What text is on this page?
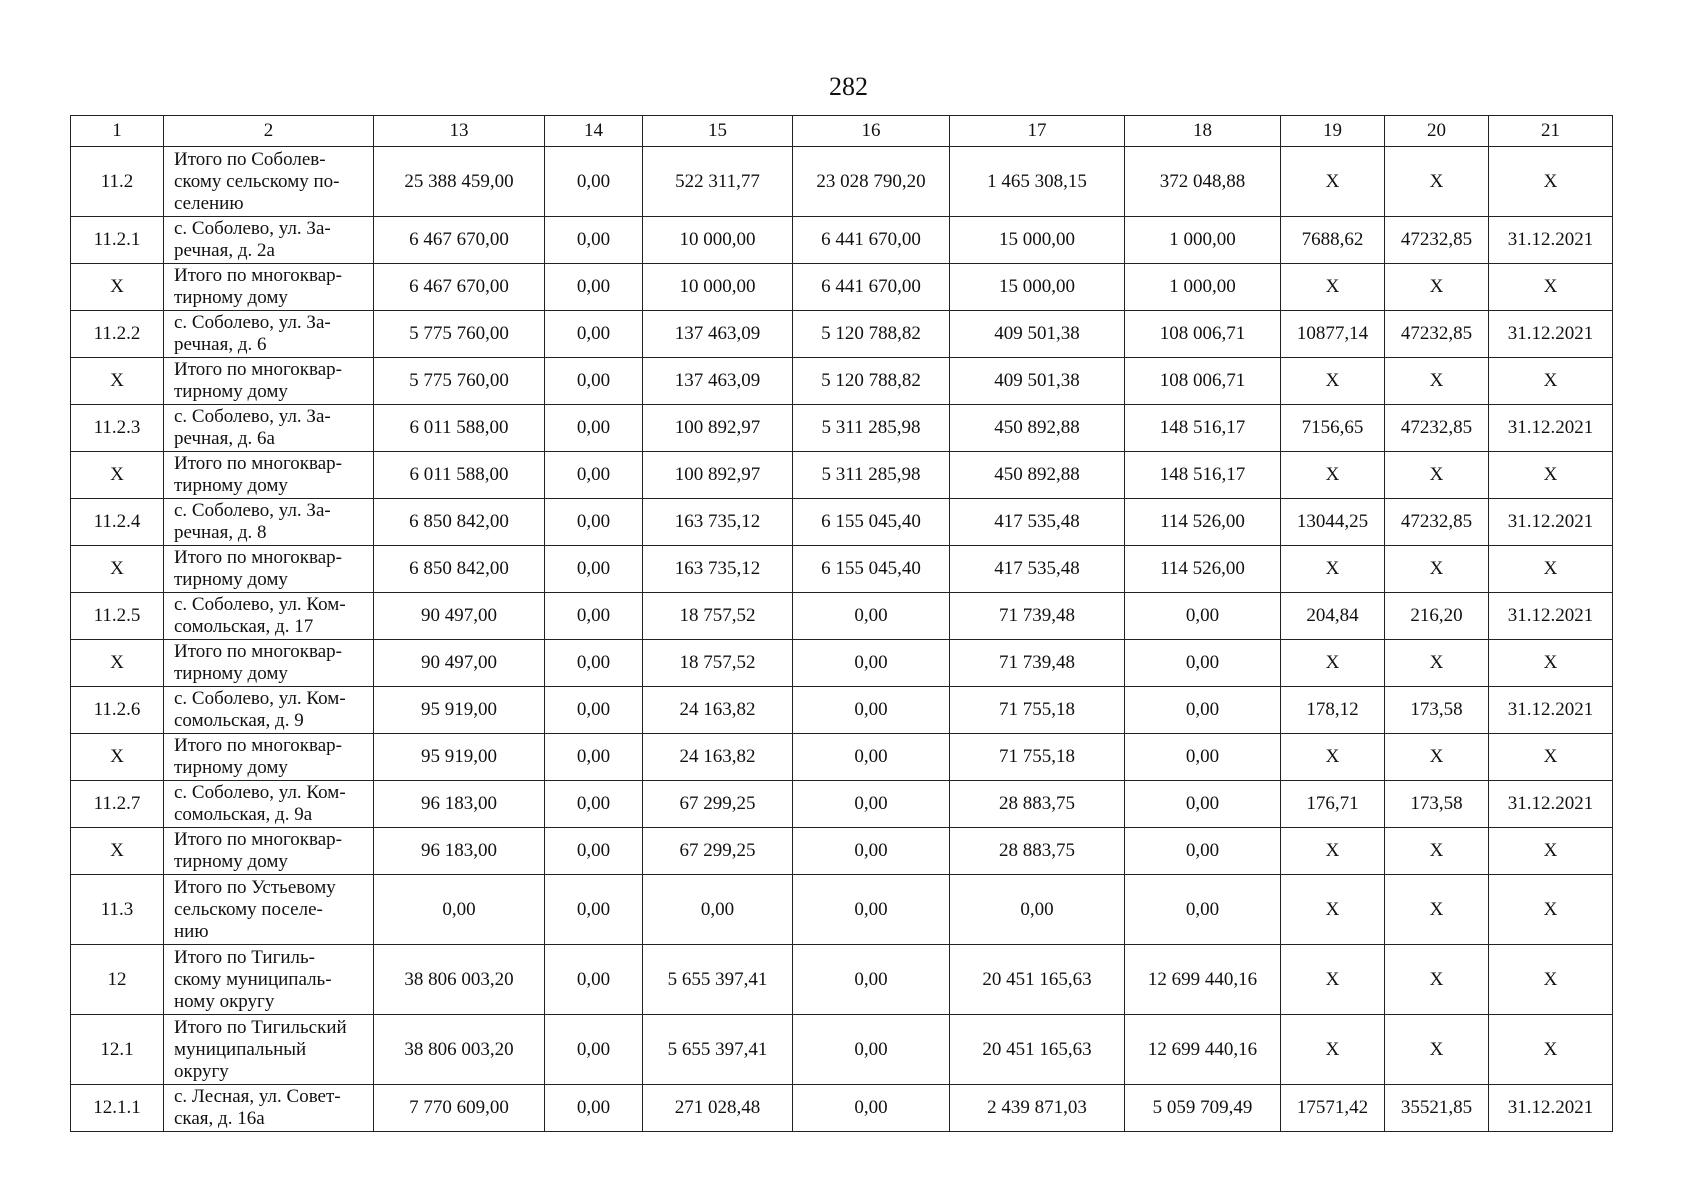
282
1	2	13	14	15	16	17	18	19	20	21
11.2	Итого по Соболев-
скому сельскому по-
селению	25 388 459,00	0,00	522 311,77	23 028 790,20	1 465 308,15	372 048,88	X	X	X
11.2.1	с. Соболево, ул. За-
речная, д. 2а	6 467 670,00	0,00	10 000,00	6 441 670,00	15 000,00	1 000,00	7688,62	47232,85	31.12.2021
X	Итого по многоквар-
тирному дому	6 467 670,00	0,00	10 000,00	6 441 670,00	15 000,00	1 000,00	X	X	X
11.2.2	с. Соболево, ул. За-
речная, д. 6	5 775 760,00	0,00	137 463,09	5 120 788,82	409 501,38	108 006,71	10877,14	47232,85	31.12.2021
X	Итого по многоквар-
тирному дому	5 775 760,00	0,00	137 463,09	5 120 788,82	409 501,38	108 006,71	X	X	X
11.2.3	с. Соболево, ул. За-
речная, д. 6а	6 011 588,00	0,00	100 892,97	5 311 285,98	450 892,88	148 516,17	7156,65	47232,85	31.12.2021
X	Итого по многоквар-
тирному дому	6 011 588,00	0,00	100 892,97	5 311 285,98	450 892,88	148 516,17	X	X	X
11.2.4	с. Соболево, ул. За-
речная, д. 8	6 850 842,00	0,00	163 735,12	6 155 045,40	417 535,48	114 526,00	13044,25	47232,85	31.12.2021
X	Итого по многоквар-
тирному дому	6 850 842,00	0,00	163 735,12	6 155 045,40	417 535,48	114 526,00	X	X	X
11.2.5	с. Соболево, ул. Ком-
сомольская, д. 17	90 497,00	0,00	18 757,52	0,00	71 739,48	0,00	204,84	216,20	31.12.2021
X	Итого по многоквар-
тирному дому	90 497,00	0,00	18 757,52	0,00	71 739,48	0,00	X	X	X
11.2.6	с. Соболево, ул. Ком-
сомольская, д. 9	95 919,00	0,00	24 163,82	0,00	71 755,18	0,00	178,12	173,58	31.12.2021
X	Итого по многоквар-
тирному дому	95 919,00	0,00	24 163,82	0,00	71 755,18	0,00	X	X	X
11.2.7	с. Соболево, ул. Ком-
сомольская, д. 9а	96 183,00	0,00	67 299,25	0,00	28 883,75	0,00	176,71	173,58	31.12.2021
X	Итого по многоквар-
тирному дому	96 183,00	0,00	67 299,25	0,00	28 883,75	0,00	X	X	X
11.3	Итого по Устьевому
сельскому поселе-
нию	0,00	0,00	0,00	0,00	0,00	0,00	X	X	X
12	Итого по Тигиль-
скому муниципаль-
ному округу	38 806 003,20	0,00	5 655 397,41	0,00	20 451 165,63	12 699 440,16	X	X	X
12.1	Итого по Тигильский
муниципальный
округу	38 806 003,20	0,00	5 655 397,41	0,00	20 451 165,63	12 699 440,16	X	X	X
12.1.1	с. Лесная, ул. Совет-
ская, д. 16а	7 770 609,00	0,00	271 028,48	0,00	2 439 871,03	5 059 709,49	17571,42	35521,85	31.12.2021
